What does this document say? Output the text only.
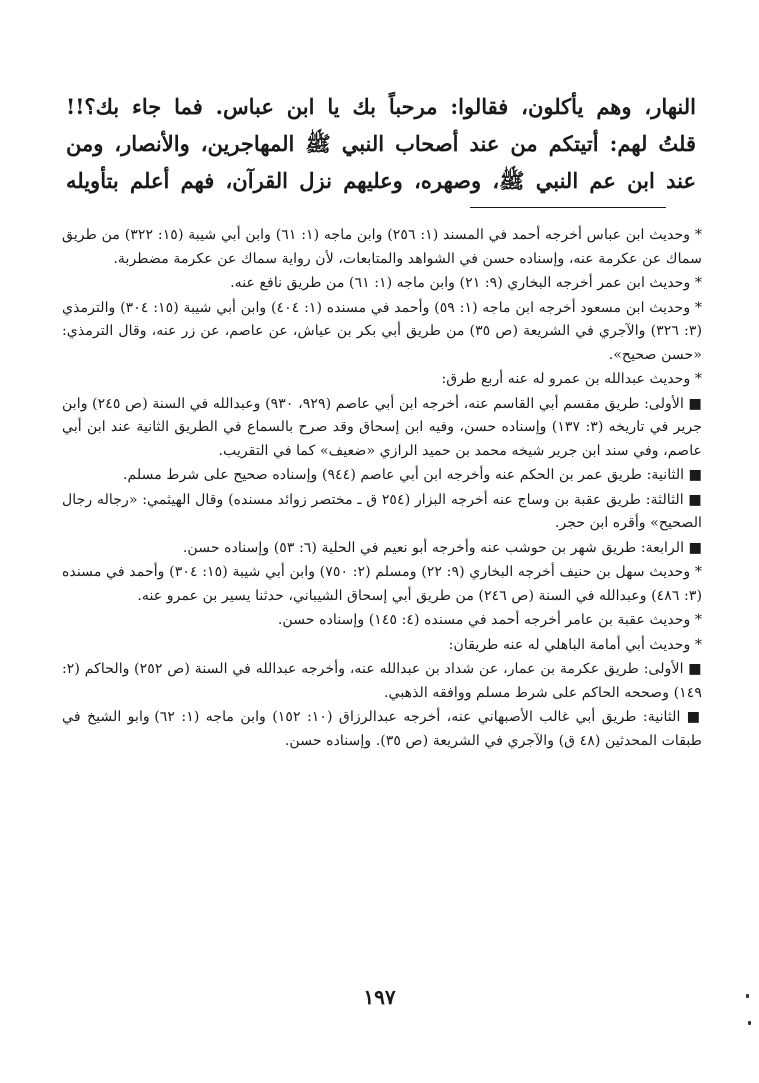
النهار، وهم يأكلون، فقالوا: مرحباً بك يا ابن عباس. فما جاء بك؟!!
قلتُ لهم: أتيتكم من عند أصحاب النبي ﷺ المهاجرين، والأنصار، ومن
عند ابن عم النبي ﷺ، وصهره، وعليهم نزل القرآن، فهم أعلم بتأويله

* وحديث ابن عباس أخرجه أحمد في المسند (١: ٢٥٦) وابن ماجه (١: ٦١) وابن أبي شيبة (١٥: ٣٢٢) من طريق سماك عن عكرمة عنه، وإسناده حسن في الشواهد والمتابعات، لأن رواية سماك عن عكرمة مضطربة.

* وحديث ابن عمر أخرجه البخاري (٩: ٢١) وابن ماجه (١: ٦١) من طريق نافع عنه.

* وحديث ابن مسعود أخرجه ابن ماجه (١: ٥٩) وأحمد في مسنده (١: ٤٠٤) وابن أبي شيبة (١٥: ٣٠٤) والترمذي (٣: ٣٢٦) والآجري في الشريعة (ص ٣٥) من طريق أبي بكر بن عياش، عن عاصم، عن زر عنه، وقال الترمذي: «حسن صحيح».

* وحديث عبدالله بن عمرو له عنه أربع طرق:

■ الأولى: طريق مقسم أبي القاسم عنه، أخرجه ابن أبي عاصم (٩٢٩، ٩٣٠) وعبدالله في السنة (ص ٢٤٥) وابن جرير في تاريخه (٣: ١٣٧) وإسناده حسن، وفيه ابن إسحاق وقد صرح بالسماع في الطريق الثانية عند ابن أبي عاصم، وفي سند ابن جرير شيخه محمد بن حميد الرازي «ضعيف» كما في التقريب.

■ الثانية: طريق عمر بن الحكم عنه وأخرجه ابن أبي عاصم (٩٤٤) وإسناده صحيح على شرط مسلم.

■ الثالثة: طريق عقبة بن وساج عنه أخرجه البزار (٢٥٤ ق ـ مختصر زوائد مسنده) وقال الهيثمي: «رجاله رجال الصحيح» وأقره ابن حجر.

■ الرابعة: طريق شهر بن حوشب عنه وأخرجه أبو نعيم في الحلية (٦: ٥٣) وإسناده حسن.

* وحديث سهل بن حنيف أخرجه البخاري (٩: ٢٢) ومسلم (٢: ٧٥٠) وابن أبي شيبة (١٥: ٣٠٤) وأحمد في مسنده (٣: ٤٨٦) وعبدالله في السنة (ص ٢٤٦) من طريق أبي إسحاق الشيباني، حدثنا يسير بن عمرو عنه.

* وحديث عقبة بن عامر أخرجه أحمد في مسنده (٤: ١٤٥) وإسناده حسن.

* وحديث أبي أمامة الباهلي له عنه طريقان:

■ الأولى: طريق عكرمة بن عمار، عن شداد بن عبدالله عنه، وأخرجه عبدالله في السنة (ص ٢٥٢) والحاكم (٢: ١٤٩) وصححه الحاكم على شرط مسلم ووافقه الذهبي.

■ الثانية: طريق أبي غالب الأصبهاني عنه، أخرجه عبدالرزاق (١٠: ١٥٢) وابن ماجه (١: ٦٢) وابو الشيخ في طبقات المحدثين (٤٨ ق) والآجري في الشريعة (ص ٣٥). وإسناده حسن.

١٩٧
